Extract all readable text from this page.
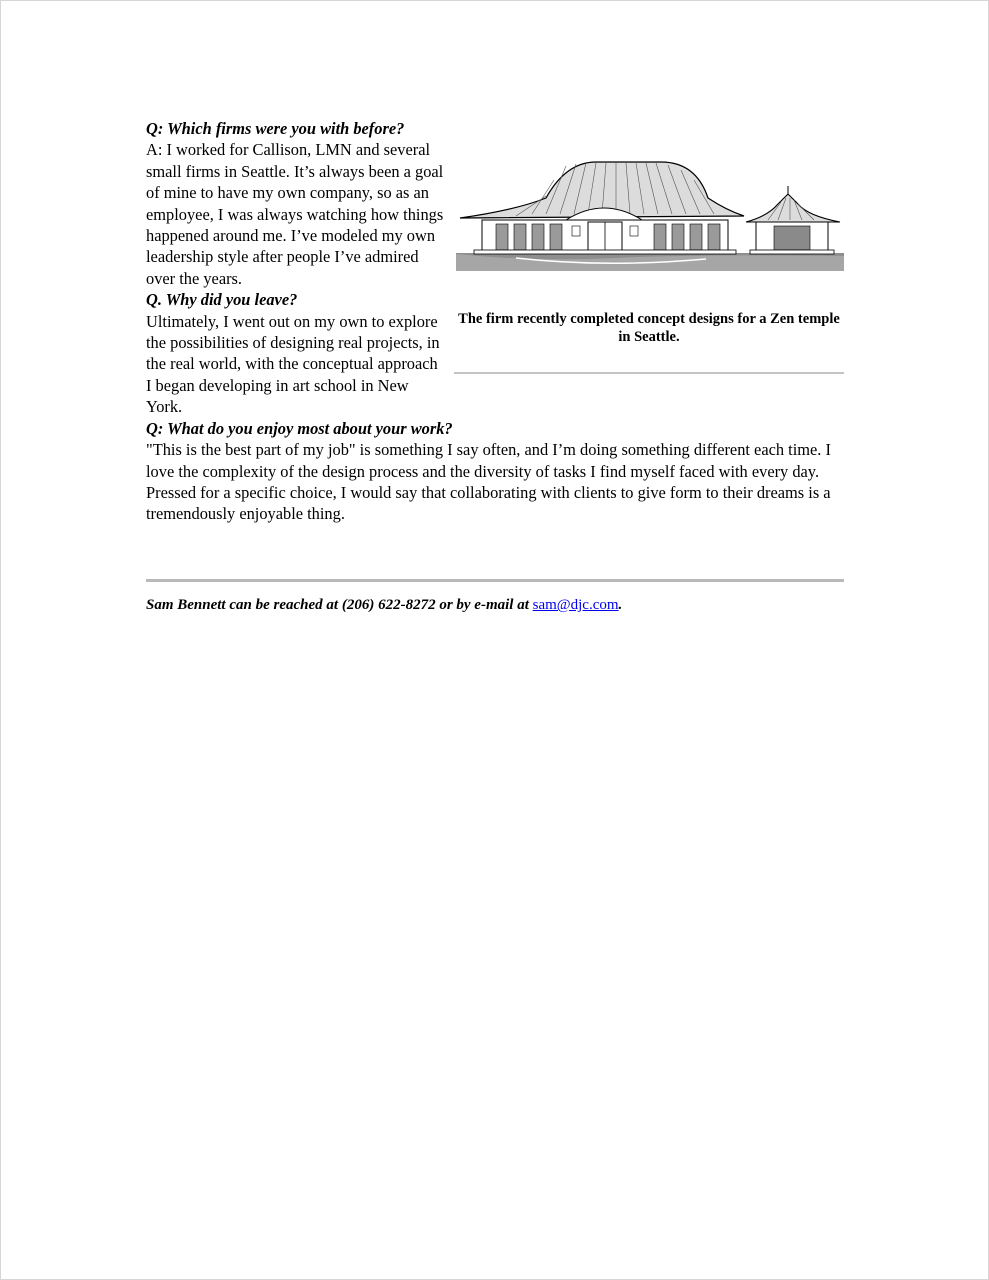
The firm recently completed concept designs for a Zen temple in Seattle.
Q: Which firms were you with before?
A: I worked for Callison, LMN and several small firms in Seattle. It’s always been a goal of mine to have my own company, so as an employee, I was always watching how things happened around me. I’ve modeled my own leadership style after people I’ve admired over the years.
Q. Why did you leave?
Ultimately, I went out on my own to explore the possibilities of designing real projects, in the real world, with the conceptual approach I began developing in art school in New York.
Q: What do you enjoy most about your work?
"This is the best part of my job" is something I say often, and I’m doing something different each time. I love the complexity of the design process and the diversity of tasks I find myself faced with every day. Pressed for a specific choice, I would say that collaborating with clients to give form to their dreams is a tremendously enjoyable thing.
Sam Bennett can be reached at (206) 622-8272 or by e-mail at sam@djc.com.
